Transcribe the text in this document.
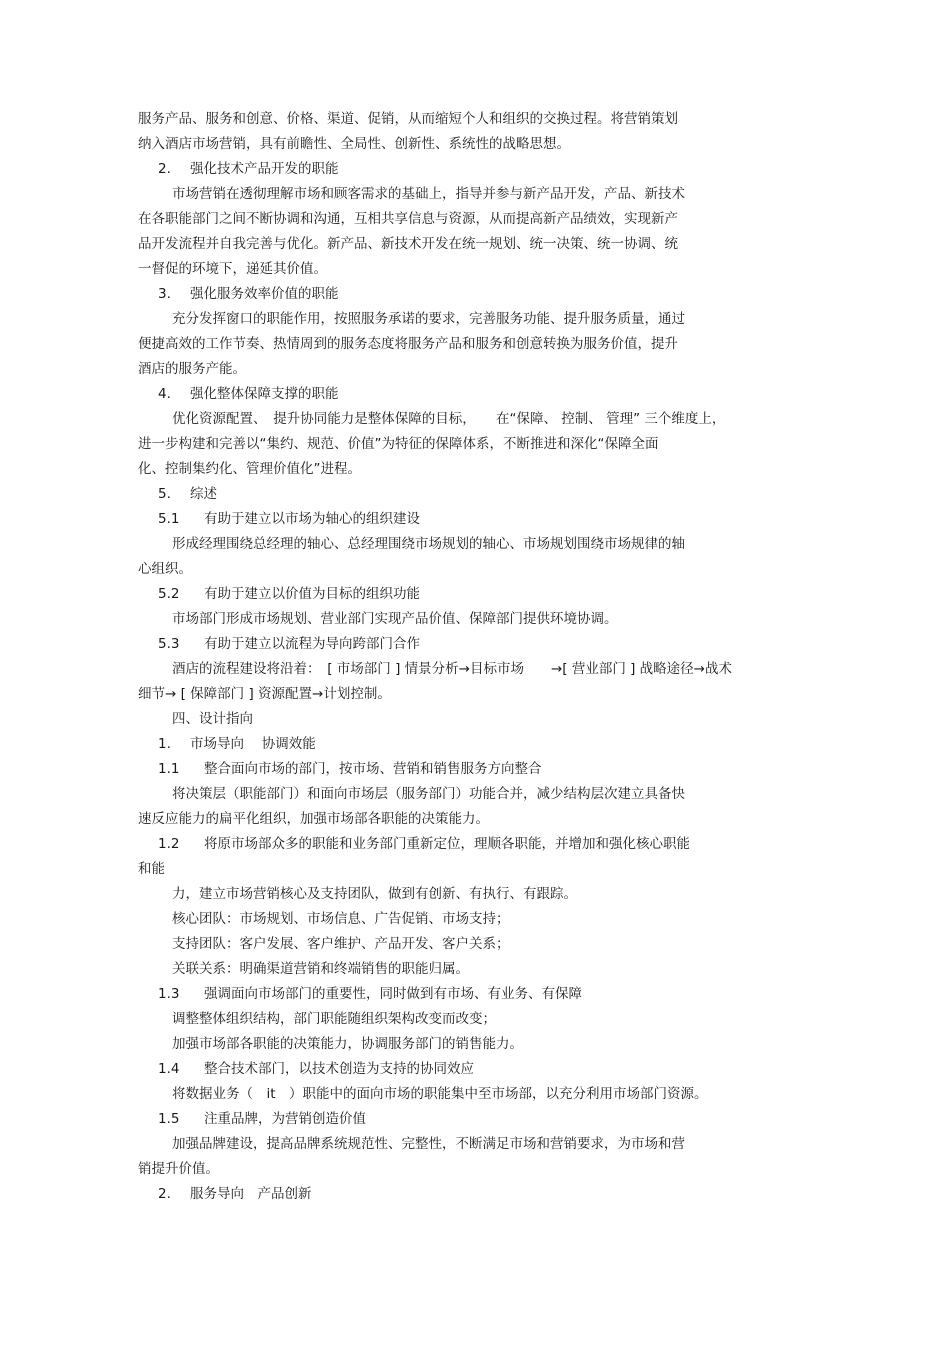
服务产品、服务和创意、价格、渠道、促销，从而缩短个人和组织的交换过程。将营销策划
纳入酒店市场营销，具有前瞻性、全局性、创新性、系统性的战略思想。
2. 强化技术产品开发的职能
市场营销在透彻理解市场和顾客需求的基础上，指导并参与新产品开发，产品、新技术
在各职能部门之间不断协调和沟通，互相共享信息与资源，从而提高新产品绩效，实现新产
品开发流程并自我完善与优化。新产品、新技术开发在统一规划、统一决策、统一协调、统
一督促的环境下，递延其价值。
3. 强化服务效率价值的职能
充分发挥窗口的职能作用，按照服务承诺的要求，完善服务功能、提升服务质量，通过
便捷高效的工作节奏、热情周到的服务态度将服务产品和服务和创意转换为服务价值，提升
酒店的服务产能。
4. 强化整体保障支撑的职能
优化资源配置、　提升协同能力是整体保障的目标，　　在“保障、 控制、 管理” 三个维度上，
进一步构建和完善以“集约、规范、价值”为特征的保障体系，不断推进和深化“保障全面
化、控制集约化、管理价值化”进程。
5. 综述
5.1 有助于建立以市场为轴心的组织建设
形成经理围绕总经理的轴心、总经理围绕市场规划的轴心、市场规划围绕市场规律的轴
心组织。
5.2 有助于建立以价值为目标的组织功能
市场部门形成市场规划、营业部门实现产品价值、保障部门提供环境协调。
5.3 有助于建立以流程为导向跨部门合作
酒店的流程建设将沿着：　[ 市场部门 ] 情景分析→目标市场　　→[ 营业部门 ] 战略途径→战术
细节→ [ 保障部门 ] 资源配置→计划控制。
四、设计指向
1. 市场导向　 协调效能
1.1 整合面向市场的部门，按市场、营销和销售服务方向整合
将决策层（职能部门）和面向市场层（服务部门）功能合并，减少结构层次建立具备快
速反应能力的扁平化组织，加强市场部各职能的决策能力。
1.2 将原市场部众多的职能和业务部门重新定位，理顺各职能，并增加和强化核心职能
和能
力，建立市场营销核心及支持团队，做到有创新、有执行、有跟踪。
核心团队：市场规划、市场信息、广告促销、市场支持；
支持团队：客户发展、客户维护、产品开发、客户关系；
关联关系：明确渠道营销和终端销售的职能归属。
1.3 强调面向市场部门的重要性，同时做到有市场、有业务、有保障
调整整体组织结构，部门职能随组织架构改变而改变；
加强市场部各职能的决策能力，协调服务部门的销售能力。
1.4 整合技术部门，以技术创造为支持的协同效应
将数据业务（　it　）职能中的面向市场的职能集中至市场部，以充分利用市场部门资源。
1.5 注重品牌，为营销创造价值
加强品牌建设，提高品牌系统规范性、完整性，不断满足市场和营销要求，为市场和营
销提升价值。
2. 服务导向　产品创新
